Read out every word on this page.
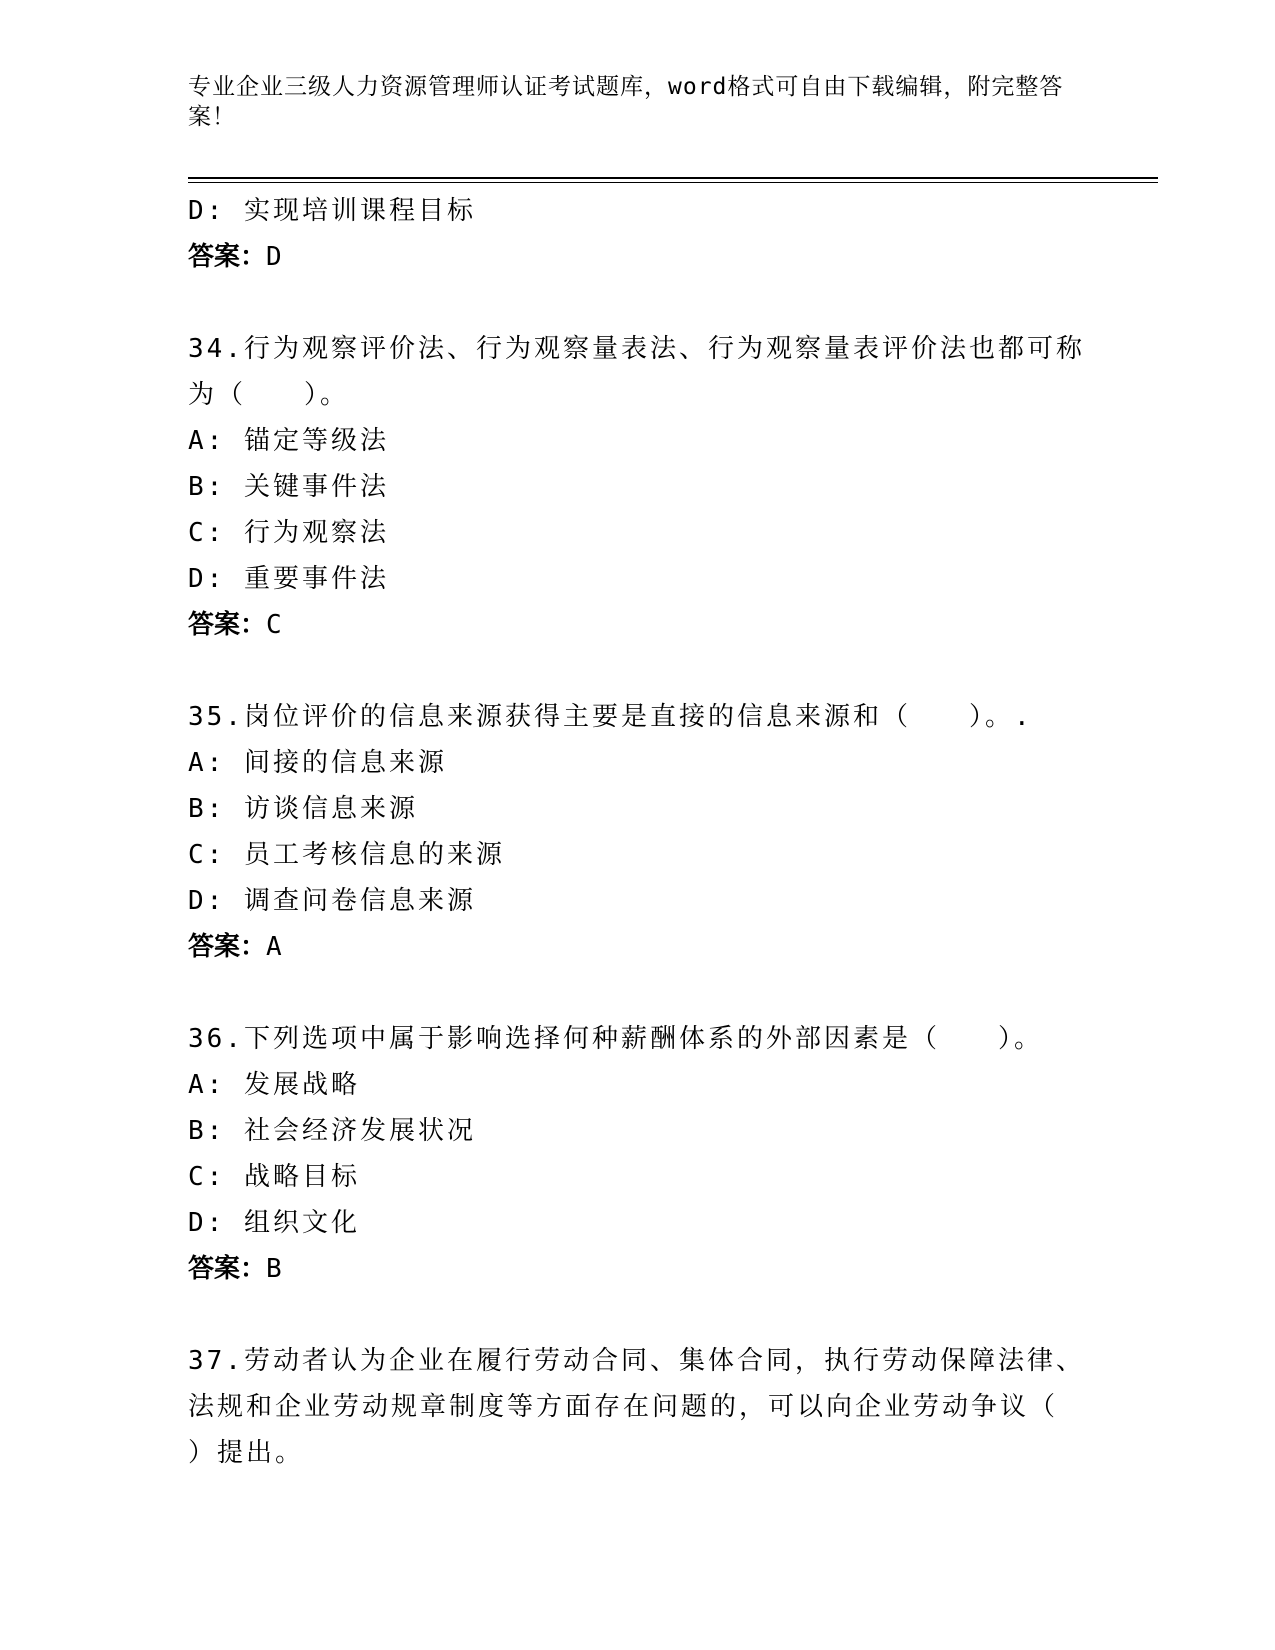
专业企业三级人力资源管理师认证考试题库，word格式可自由下载编辑，附完整答案！
D: 实现培训课程目标
答案：D
34.行为观察评价法、行为观察量表法、行为观察量表评价法也都可称
为（　　）。
A: 锚定等级法
B: 关键事件法
C: 行为观察法
D: 重要事件法
答案：C
35.岗位评价的信息来源获得主要是直接的信息来源和（　　）。.
A: 间接的信息来源
B: 访谈信息来源
C: 员工考核信息的来源
D: 调查问卷信息来源
答案：A
36.下列选项中属于影响选择何种薪酬体系的外部因素是（　　）。
A: 发展战略
B: 社会经济发展状况
C: 战略目标
D: 组织文化
答案：B
37.劳动者认为企业在履行劳动合同、集体合同，执行劳动保障法律、
法规和企业劳动规章制度等方面存在问题的，可以向企业劳动争议（
）提出。
